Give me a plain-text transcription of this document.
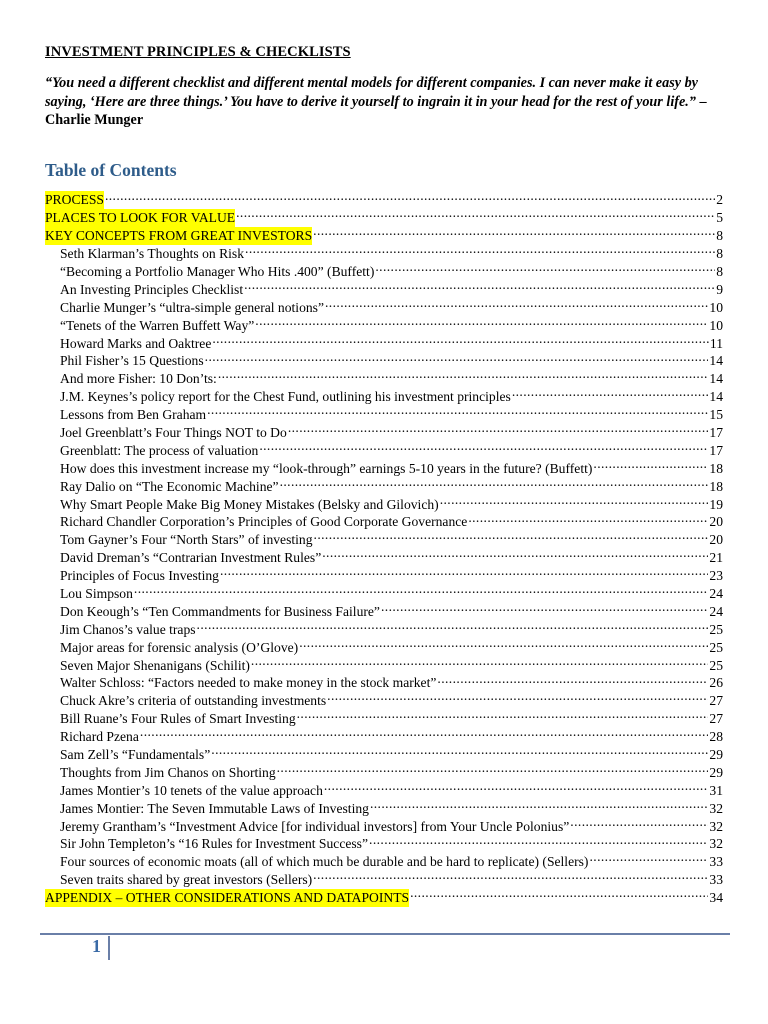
INVESTMENT PRINCIPLES & CHECKLISTS

“You need a different checklist and different mental models for different companies. I can never make it easy by saying, ‘Here are three things.’ You have to derive it yourself to ingrain it in your head for the rest of your life.” – Charlie Munger

Table of Contents
PROCESS .....	2
PLACES TO LOOK FOR VALUE .....	5
KEY CONCEPTS FROM GREAT INVESTORS .....	8
Seth Klarman’s Thoughts on Risk .....	8
“Becoming a Portfolio Manager Who Hits .400” (Buffett) .....	8
An Investing Principles Checklist .....	9
Charlie Munger’s “ultra-simple general notions” .....	10
“Tenets of the Warren Buffett Way” .....	10
Howard Marks and Oaktree .....	11
Phil Fisher’s 15 Questions .....	14
And more Fisher: 10 Don’ts: .....	14
J.M. Keynes’s policy report for the Chest Fund, outlining his investment principles .....	14
Lessons from Ben Graham .....	15
Joel Greenblatt’s Four Things NOT to Do .....	17
Greenblatt: The process of valuation .....	17
How does this investment increase my “look-through” earnings 5-10 years in the future? (Buffett) .....	18
Ray Dalio on “The Economic Machine” .....	18
Why Smart People Make Big Money Mistakes (Belsky and Gilovich) .....	19
Richard Chandler Corporation’s Principles of Good Corporate Governance .....	20
Tom Gayner’s Four “North Stars” of investing .....	20
David Dreman’s “Contrarian Investment Rules” .....	21
Principles of Focus Investing .....	23
Lou Simpson .....	24
Don Keough’s “Ten Commandments for Business Failure” .....	24
Jim Chanos’s value traps .....	25
Major areas for forensic analysis (O’Glove) .....	25
Seven Major Shenanigans (Schilit) .....	25
Walter Schloss: “Factors needed to make money in the stock market” .....	26
Chuck Akre’s criteria of outstanding investments .....	27
Bill Ruane’s Four Rules of Smart Investing .....	27
Richard Pzena .....	28
Sam Zell’s “Fundamentals” .....	29
Thoughts from Jim Chanos on Shorting .....	29
James Montier’s 10 tenets of the value approach .....	31
James Montier: The Seven Immutable Laws of Investing .....	32
Jeremy Grantham’s “Investment Advice [for individual investors] from Your Uncle Polonius” .....	32
Sir John Templeton’s “16 Rules for Investment Success” .....	32
Four sources of economic moats (all of which much be durable and be hard to replicate) (Sellers) .....	33
Seven traits shared by great investors (Sellers) .....	33
APPENDIX – OTHER CONSIDERATIONS AND DATAPOINTS .....	34
1
